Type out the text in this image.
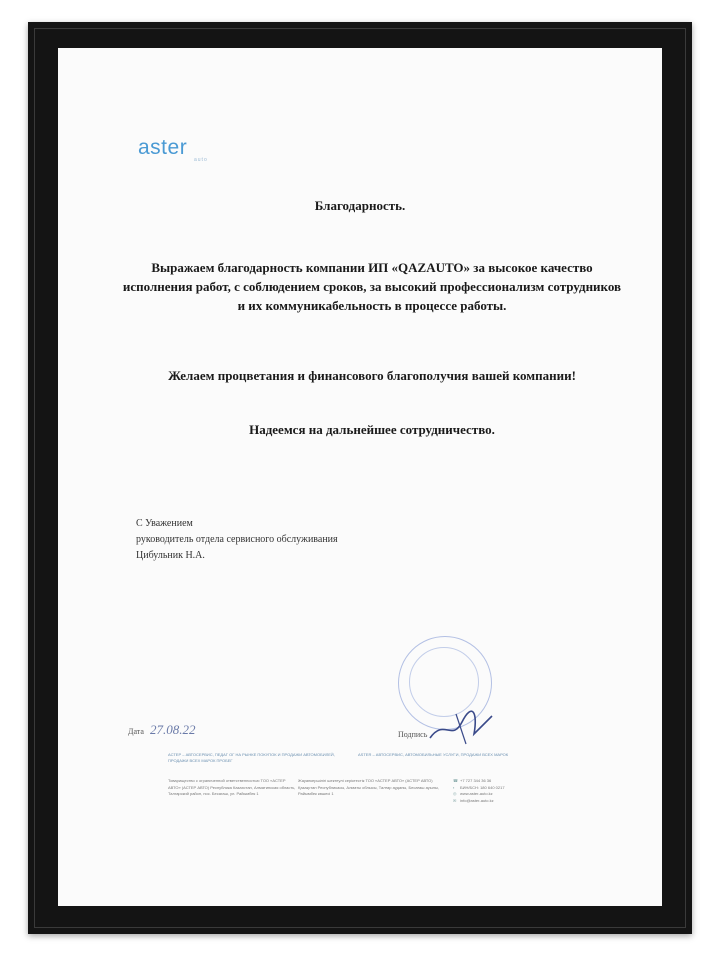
aster
auto
Благодарность.
Выражаем благодарность компании ИП «QAZAUTO» за высокое качество исполнения работ, с соблюдением сроков, за высокий профессионализм сотрудников и их коммуникабельность в процессе работы.
Желаем процветания и финансового благополучия вашей компании!
Надеемся на дальнейшее сотрудничество.
С Уважением
руководитель отдела сервисного обслуживания
Цибульник Н.А.
Дата 27.08.22	Подпись
АСТЕР – АВТОСЕРВИС, ПЕДАГ ОГ НА РЫНКЕ ПОКУПОК И ПРОДАЖИ АВТОМОБИЛЕЙ, ПРОДАЖИ ВСЕХ МАРОК ПРОБЕГ
ASTER – АВТОСЕРВИС, АВТОМОБИЛЬНЫЕ УСЛУГИ, ПРОДАЖИ ВСЕХ МАРОК
Товарищество с ограниченной ответственностью ТОО «АСТЕР АВТО» (АСТЕР АВТО) Республика Казахстан, Алматинская область, Талгарский район, пос. Бесагаш, ул. Райымбек 1
Жауапкершілігі шектеулі серіктестік ТОО «АСТЕР АВТО» (АСТЕР АВТО) Қазақстан Республикасы, Алматы облысы, Талғар ауданы, Бесағаш ауылы, Райымбек көшесі 1
☎ +7 727 344 36 36
▪ БИН/БСН: 180 640 0217
◎ www.aster-auto.kz
✉ info@aster-auto.kz
